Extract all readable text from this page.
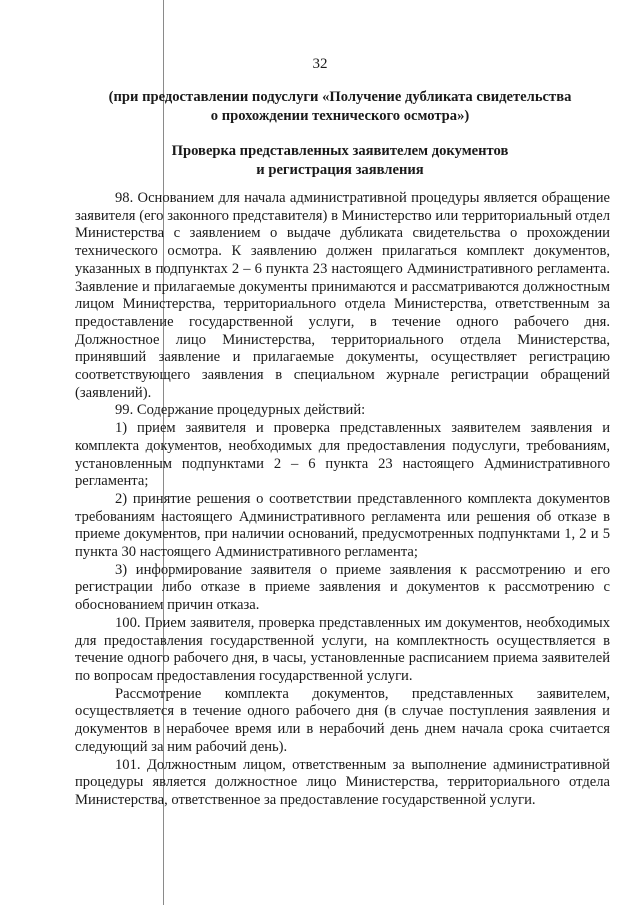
32
(при предоставлении подуслуги «Получение дубликата свидетельства
о прохождении технического осмотра»)
Проверка представленных заявителем документов
и регистрация заявления

98. Основанием для начала административной процедуры является обращение заявителя (его законного представителя) в Министерство или территориальный отдел Министерства с заявлением о выдаче дубликата свидетельства о прохождении технического осмотра. К заявлению должен прилагаться комплект документов, указанных в подпунктах 2 – 6 пункта 23 настоящего Административного регламента. Заявление и прилагаемые документы принимаются и рассматриваются должностным лицом Министерства, территориального отдела Министерства, ответственным за предоставление государственной услуги, в течение одного рабочего дня. Должностное лицо Министерства, территориального отдела Министерства, принявший заявление и прилагаемые документы, осуществляет регистрацию соответствующего заявления в специальном журнале регистрации обращений (заявлений).

99. Содержание процедурных действий:

1) прием заявителя и проверка представленных заявителем заявления и комплекта документов, необходимых для предоставления подуслуги, требованиям, установленным подпунктами 2 – 6 пункта 23 настоящего Административного регламента;

2) принятие решения о соответствии представленного комплекта документов требованиям настоящего Административного регламента или решения об отказе в приеме документов, при наличии оснований, предусмотренных подпунктами 1, 2 и 5 пункта 30 настоящего Административного регламента;

3) информирование заявителя о приеме заявления к рассмотрению и его регистрации либо отказе в приеме заявления и документов к рассмотрению с обоснованием причин отказа.

100. Прием заявителя, проверка представленных им документов, необходимых для предоставления государственной услуги, на комплектность осуществляется в течение одного рабочего дня, в часы, установленные расписанием приема заявителей по вопросам предоставления государственной услуги.

Рассмотрение комплекта документов, представленных заявителем, осуществляется в течение одного рабочего дня (в случае поступления заявления и документов в нерабочее время или в нерабочий день днем начала срока считается следующий за ним рабочий день).

101. Должностным лицом, ответственным за выполнение административной процедуры является должностное лицо Министерства, территориального отдела Министерства, ответственное за предоставление государственной услуги.
